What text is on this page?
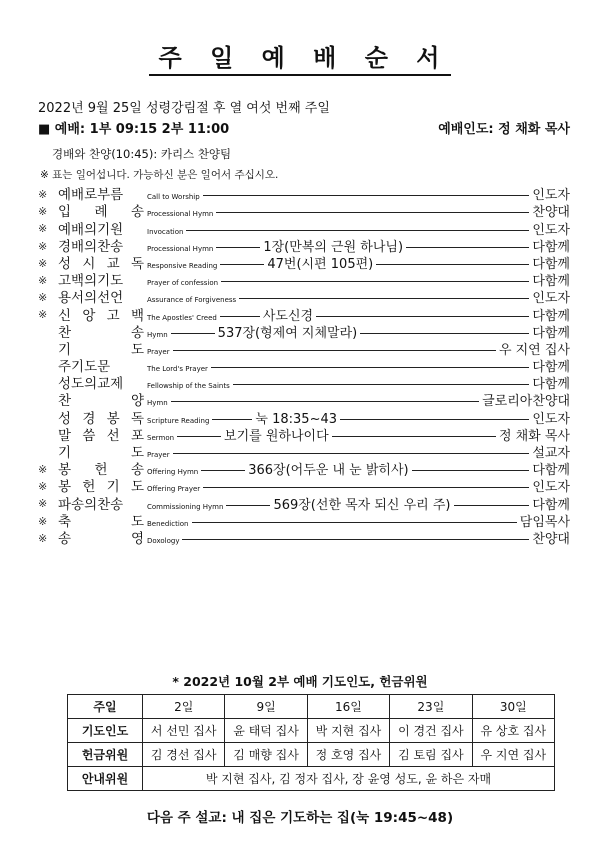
주 일 예 배 순 서
2022년 9월 25일 성령강림절 후 열 여섯 번째 주일
■ 예배: 1부 09:15 2부 11:00	예배인도: 정 채화 목사
경배와 찬양(10:45): 카리스 찬양팀
※ 표는 일어섭니다. 가능하신 분은 일어서 주십시오.
※ 예배로부름	Call to Worship	인도자
※ 입 례 송 Processional Hymn	찬양대
※ 예배의기원	Invocation	인도자
※ 경배의찬송	Processional Hymn	1장(만복의 근원 하나님)	다함께
※ 성 시 교 독 Responsive Reading	47번(시편 105편)	다함께
※ 고백의기도	Prayer of confession	다함께
※ 용서의선언	Assurance of Forgiveness	인도자
※ 신 앙 고 백 The Apostles' Creed	사도신경	다함께
찬 송 Hymn	537장(형제여 지체말라)	다함께
기 도 Prayer	우 지연 집사
주기도문	The Lord's Prayer	다함께
성도의교제	Fellowship of the Saints	다함께
찬 양 Hymn	글로리아찬양대
성 경 봉 독 Scripture Reading	눅 18:35~43	인도자
말 씀 선 포 Sermon	보기를 원하나이다	정 채화 목사
기 도 Prayer	설교자
※ 봉 헌 송 Offering Hymn	366장(어두운 내 눈 밝히사)	다함께
※ 봉 헌 기 도 Offering Prayer	인도자
※ 파송의찬송	Commissioning Hymn	569장(선한 목자 되신 우리 주)	다함께
※ 축 도 Benediction	담임목사
※ 송 영 Doxology	찬양대
* 2022년 10월 2부 예배 기도인도, 헌금위원
주일	2일	9일	16일	23일	30일
기도인도	서 선민 집사	윤 태덕 집사	박 지현 집사	이 경건 집사	유 상호 집사
헌금위원	김 경선 집사	김 매향 집사	정 호영 집사	김 토림 집사	우 지연 집사
안내위원	박 지현 집사, 김 정자 집사, 장 윤영 성도, 윤 하은 자매				
다음 주 설교: 내 집은 기도하는 집(눅 19:45~48)
